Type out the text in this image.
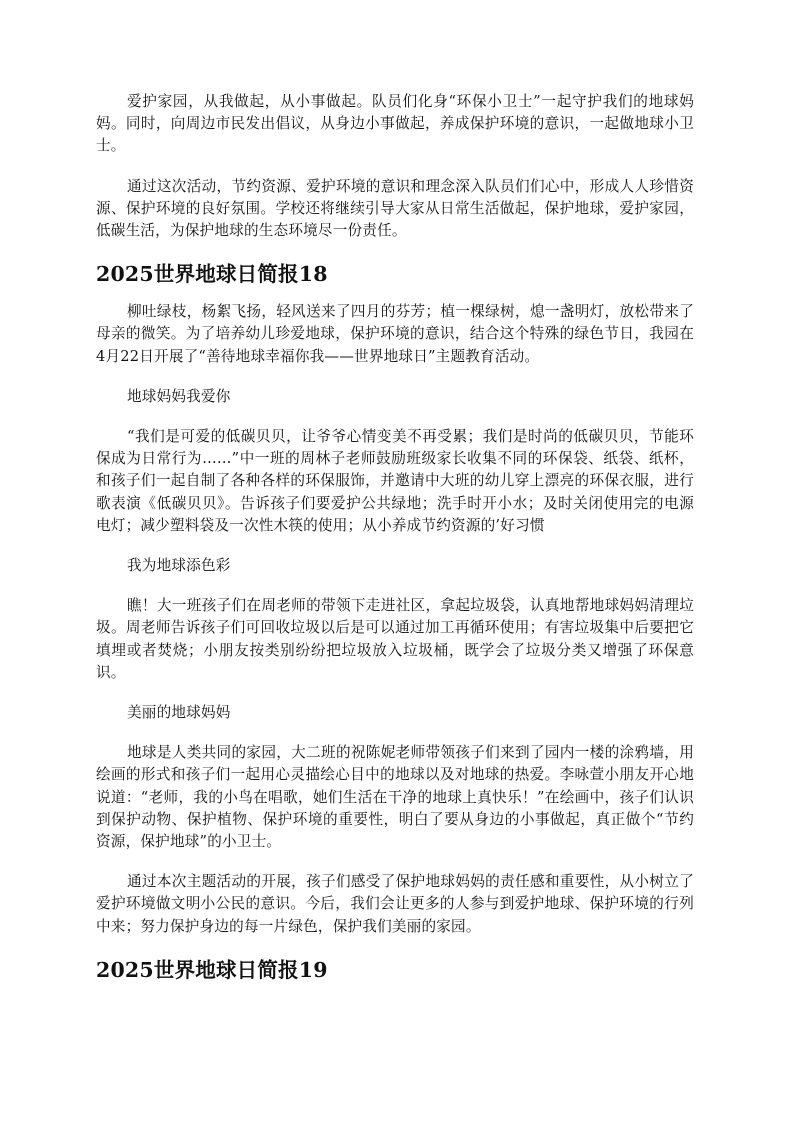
爱护家园，从我做起，从小事做起。队员们化身“环保小卫士”一起守护我们的地球妈妈。同时，向周边市民发出倡议，从身边小事做起，养成保护环境的意识，一起做地球小卫士。

通过这次活动，节约资源、爱护环境的意识和理念深入队员们们心中，形成人人珍惜资源、保护环境的良好氛围。学校还将继续引导大家从日常生活做起，保护地球，爱护家园，低碳生活，为保护地球的生态环境尽一份责任。

2025世界地球日简报18

柳吐绿枝，杨絮飞扬，轻风送来了四月的芬芳；植一棵绿树，熄一盏明灯，放松带来了母亲的微笑。为了培养幼儿珍爱地球，保护环境的意识，结合这个特殊的绿色节日，我园在4月22日开展了“善待地球幸福你我——世界地球日”主题教育活动。

地球妈妈我爱你

“我们是可爱的低碳贝贝，让爷爷心情变美不再受累；我们是时尚的低碳贝贝，节能环保成为日常行为……”中一班的周林子老师鼓励班级家长收集不同的环保袋、纸袋、纸杯，和孩子们一起自制了各种各样的环保服饰，并邀请中大班的幼儿穿上漂亮的环保衣服，进行歌表演《低碳贝贝》。告诉孩子们要爱护公共绿地；洗手时开小水；及时关闭使用完的电源电灯；减少塑料袋及一次性木筷的使用；从小养成节约资源的’好习惯

我为地球添色彩

瞧！大一班孩子们在周老师的带领下走进社区，拿起垃圾袋，认真地帮地球妈妈清理垃圾。周老师告诉孩子们可回收垃圾以后是可以通过加工再循环使用；有害垃圾集中后要把它填埋或者焚烧；小朋友按类别纷纷把垃圾放入垃圾桶，既学会了垃圾分类又增强了环保意识。

美丽的地球妈妈

地球是人类共同的家园，大二班的祝陈妮老师带领孩子们来到了园内一楼的涂鸦墙，用绘画的形式和孩子们一起用心灵描绘心目中的地球以及对地球的热爱。李咏萱小朋友开心地说道：“老师，我的小鸟在唱歌，她们生活在干净的地球上真快乐！”在绘画中，孩子们认识到保护动物、保护植物、保护环境的重要性，明白了要从身边的小事做起，真正做个“节约资源，保护地球”的小卫士。

通过本次主题活动的开展，孩子们感受了保护地球妈妈的责任感和重要性，从小树立了爱护环境做文明小公民的意识。今后，我们会让更多的人参与到爱护地球、保护环境的行列中来；努力保护身边的每一片绿色，保护我们美丽的家园。

2025世界地球日简报19
